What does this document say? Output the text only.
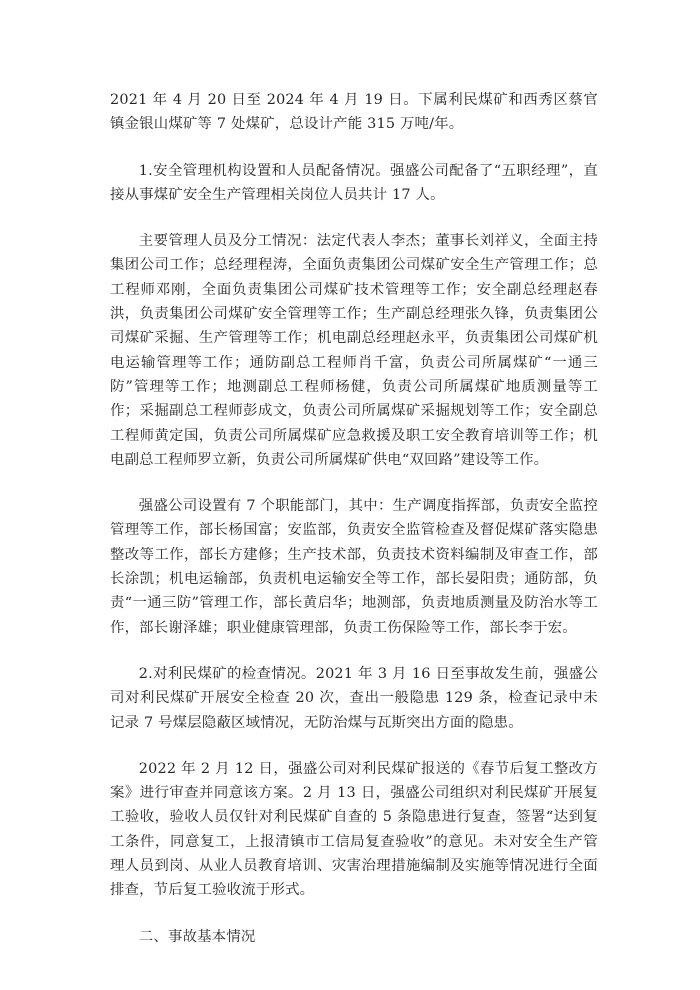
2021 年 4 月 20 日至 2024 年 4 月 19 日。下属利民煤矿和西秀区蔡官镇金银山煤矿等 7 处煤矿，总设计产能 315 万吨/年。

1.安全管理机构设置和人员配备情况。强盛公司配备了“五职经理”，直接从事煤矿安全生产管理相关岗位人员共计 17 人。

主要管理人员及分工情况：法定代表人李杰；董事长刘祥义，全面主持集团公司工作；总经理程涛，全面负责集团公司煤矿安全生产管理工作；总工程师邓刚，全面负责集团公司煤矿技术管理等工作；安全副总经理赵春洪，负责集团公司煤矿安全管理等工作；生产副总经理张久锋，负责集团公司煤矿采掘、生产管理等工作；机电副总经理赵永平，负责集团公司煤矿机电运输管理等工作；通防副总工程师肖千富，负责公司所属煤矿“一通三防”管理等工作；地测副总工程师杨健，负责公司所属煤矿地质测量等工作；采掘副总工程师彭成文，负责公司所属煤矿采掘规划等工作；安全副总工程师黄定国，负责公司所属煤矿应急救援及职工安全教育培训等工作；机电副总工程师罗立新，负责公司所属煤矿供电“双回路”建设等工作。

强盛公司设置有 7 个职能部门，其中：生产调度指挥部，负责安全监控管理等工作，部长杨国富；安监部，负责安全监管检查及督促煤矿落实隐患整改等工作，部长方建修；生产技术部，负责技术资料编制及审查工作，部长涂凯；机电运输部，负责机电运输安全等工作，部长晏阳贵；通防部，负责“一通三防”管理工作，部长黄启华；地测部，负责地质测量及防治水等工作，部长谢泽雄；职业健康管理部，负责工伤保险等工作，部长李于宏。

2.对利民煤矿的检查情况。2021 年 3 月 16 日至事故发生前，强盛公司对利民煤矿开展安全检查 20 次，查出一般隐患 129 条，检查记录中未记录 7 号煤层隐蔽区域情况，无防治煤与瓦斯突出方面的隐患。

2022 年 2 月 12 日，强盛公司对利民煤矿报送的《春节后复工整改方案》进行审查并同意该方案。2 月 13 日，强盛公司组织对利民煤矿开展复工验收，验收人员仅针对利民煤矿自查的 5 条隐患进行复查，签署“达到复工条件，同意复工，上报清镇市工信局复查验收”的意见。未对安全生产管理人员到岗、从业人员教育培训、灾害治理措施编制及实施等情况进行全面排查，节后复工验收流于形式。

二、事故基本情况
